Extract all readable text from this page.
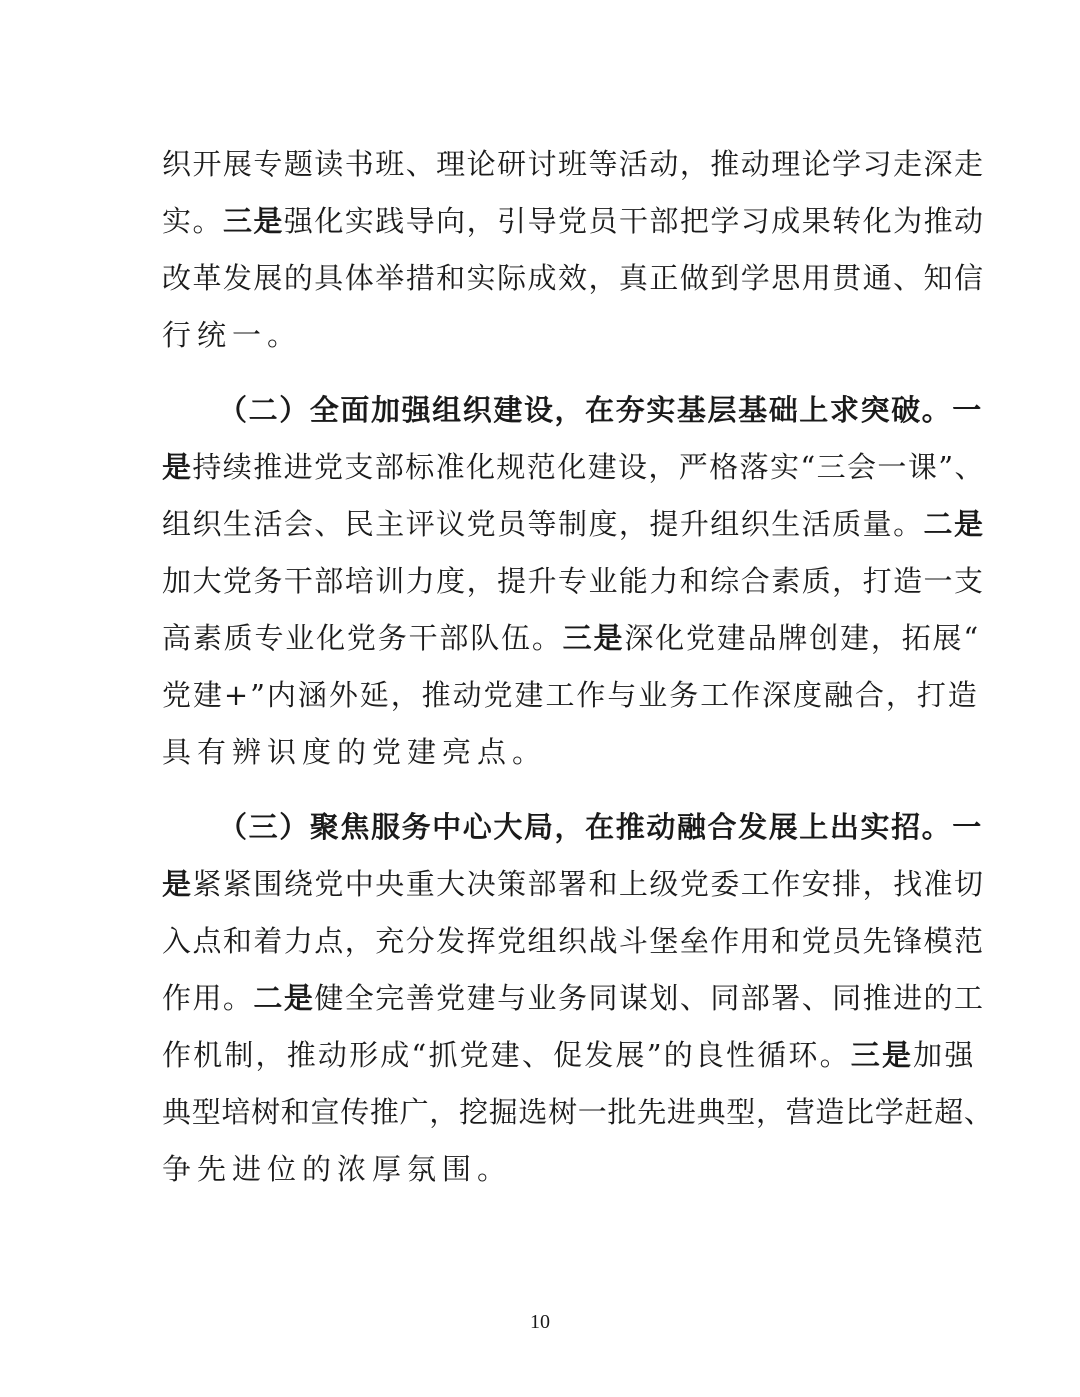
织开展专题读书班、理论研讨班等活动，推动理论学习走深走
实。三是强化实践导向，引导党员干部把学习成果转化为推动
改革发展的具体举措和实际成效，真正做到学思用贯通、知信
行统一。
（二）全面加强组织建设，在夯实基层基础上求突破。一
是持续推进党支部标准化规范化建设，严格落实“三会一课”、
组织生活会、民主评议党员等制度，提升组织生活质量。二是
加大党务干部培训力度，提升专业能力和综合素质，打造一支
高素质专业化党务干部队伍。三是深化党建品牌创建，拓展“
党建+”内涵外延，推动党建工作与业务工作深度融合，打造
具有辨识度的党建亮点。
（三）聚焦服务中心大局，在推动融合发展上出实招。一
是紧紧围绕党中央重大决策部署和上级党委工作安排，找准切
入点和着力点，充分发挥党组织战斗堡垒作用和党员先锋模范
作用。二是健全完善党建与业务同谋划、同部署、同推进的工
作机制，推动形成“抓党建、促发展”的良性循环。三是加强
典型培树和宣传推广，挖掘选树一批先进典型，营造比学赶超、
争先进位的浓厚氛围。
10
